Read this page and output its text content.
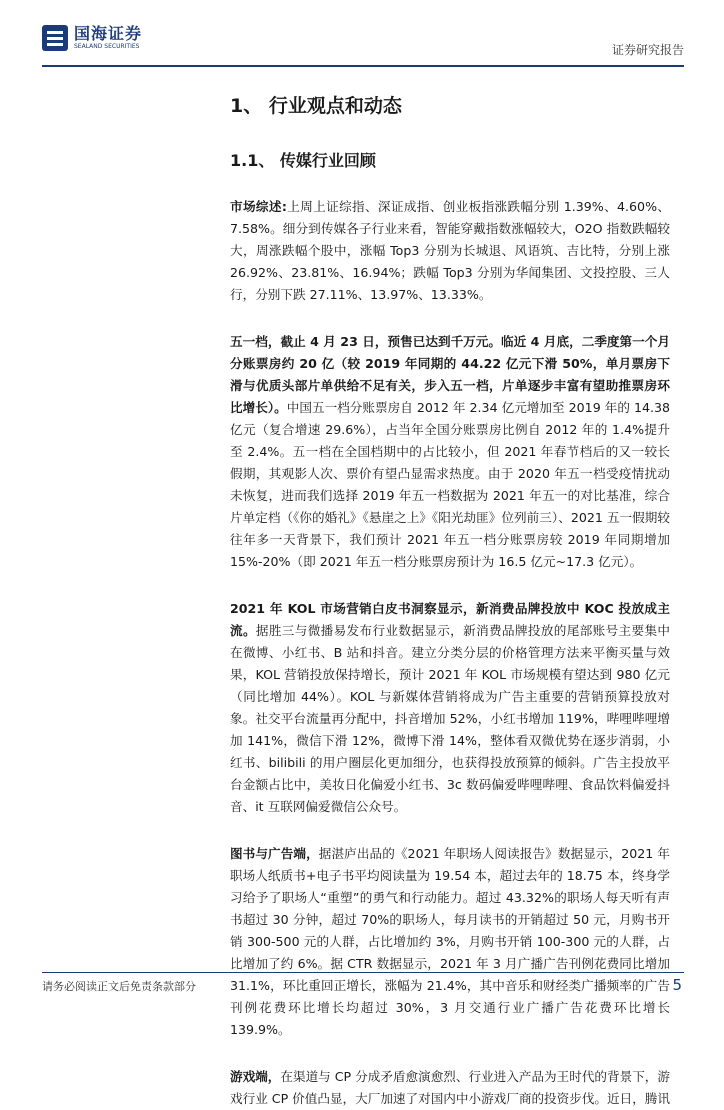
国海证券
SEALAND SECURITIES	证券研究报告
1、 行业观点和动态
1.1、 传媒行业回顾

市场综述:上周上证综指、深证成指、创业板指涨跌幅分别 1.39%、4.60%、7.58%。细分到传媒各子行业来看，智能穿戴指数涨幅较大，O2O 指数跌幅较大，周涨跌幅个股中，涨幅 Top3 分别为长城退、风语筑、吉比特，分别上涨 26.92%、23.81%、16.94%；跌幅 Top3 分别为华闻集团、文投控股、三人行，分别下跌 27.11%、13.97%、13.33%。

五一档，截止 4 月 23 日，预售已达到千万元。临近 4 月底，二季度第一个月分账票房约 20 亿（较 2019 年同期的 44.22 亿元下滑 50%，单月票房下滑与优质头部片单供给不足有关，步入五一档，片单逐步丰富有望助推票房环比增长）。中国五一档分账票房自 2012 年 2.34 亿元增加至 2019 年的 14.38 亿元（复合增速 29.6%），占当年全国分账票房比例自 2012 年的 1.4%提升至 2.4%。五一档在全国档期中的占比较小，但 2021 年春节档后的又一较长假期，其观影人次、票价有望凸显需求热度。由于 2020 年五一档受疫情扰动未恢复，进而我们选择 2019 年五一档数据为 2021 年五一的对比基准，综合片单定档（《你的婚礼》《悬崖之上》《阳光劫匪》位列前三）、2021 五一假期较往年多一天背景下，我们预计 2021 年五一档分账票房较 2019 年同期增加 15%-20%（即 2021 年五一档分账票房预计为 16.5 亿元~17.3 亿元）。

2021 年 KOL 市场营销白皮书洞察显示，新消费品牌投放中 KOC 投放成主流。据胜三与微播易发布行业数据显示，新消费品牌投放的尾部账号主要集中在微博、小红书、B 站和抖音。建立分类分层的价格管理方法来平衡买量与效果，KOL 营销投放保持增长，预计 2021 年 KOL 市场规模有望达到 980 亿元（同比增加 44%）。KOL 与新媒体营销将成为广告主重要的营销预算投放对象。社交平台流量再分配中，抖音增加 52%，小红书增加 119%，哔哩哔哩增加 141%，微信下滑 12%，微博下滑 14%，整体看双微优势在逐步消弱，小红书、bilibili 的用户圈层化更加细分，也获得投放预算的倾斜。广告主投放平台金额占比中，美妆日化偏爱小红书、3c 数码偏爱哔哩哔哩、食品饮料偏爱抖音、it 互联网偏爱微信公众号。

图书与广告端，据湛庐出品的《2021 年职场人阅读报告》数据显示，2021 年职场人纸质书+电子书平均阅读量为 19.54 本，超过去年的 18.75 本，终身学习给予了职场人“重塑”的勇气和行动能力。超过 43.32%的职场人每天听有声书超过 30 分钟，超过 70%的职场人，每月读书的开销超过 50 元，月购书开销 300-500 元的人群，占比增加约 3%，月购书开销 100-300 元的人群，占比增加了约 6%。据 CTR 数据显示，2021 年 3 月广播广告刊例花费同比增加 31.1%，环比重回正增长，涨幅为 21.4%，其中音乐和财经类广播频率的广告刊例花费环比增长均超过 30%，3 月交通行业广播广告花费环比增长 139.9%。

游戏端，在渠道与 CP 分成矛盾愈演愈烈、行业进入产品为王时代的背景下，游戏行业 CP 价值凸显，大厂加速了对国内中小游戏厂商的投资步伐。近日，腾讯

请务必阅读正文后免责条款部分	5
